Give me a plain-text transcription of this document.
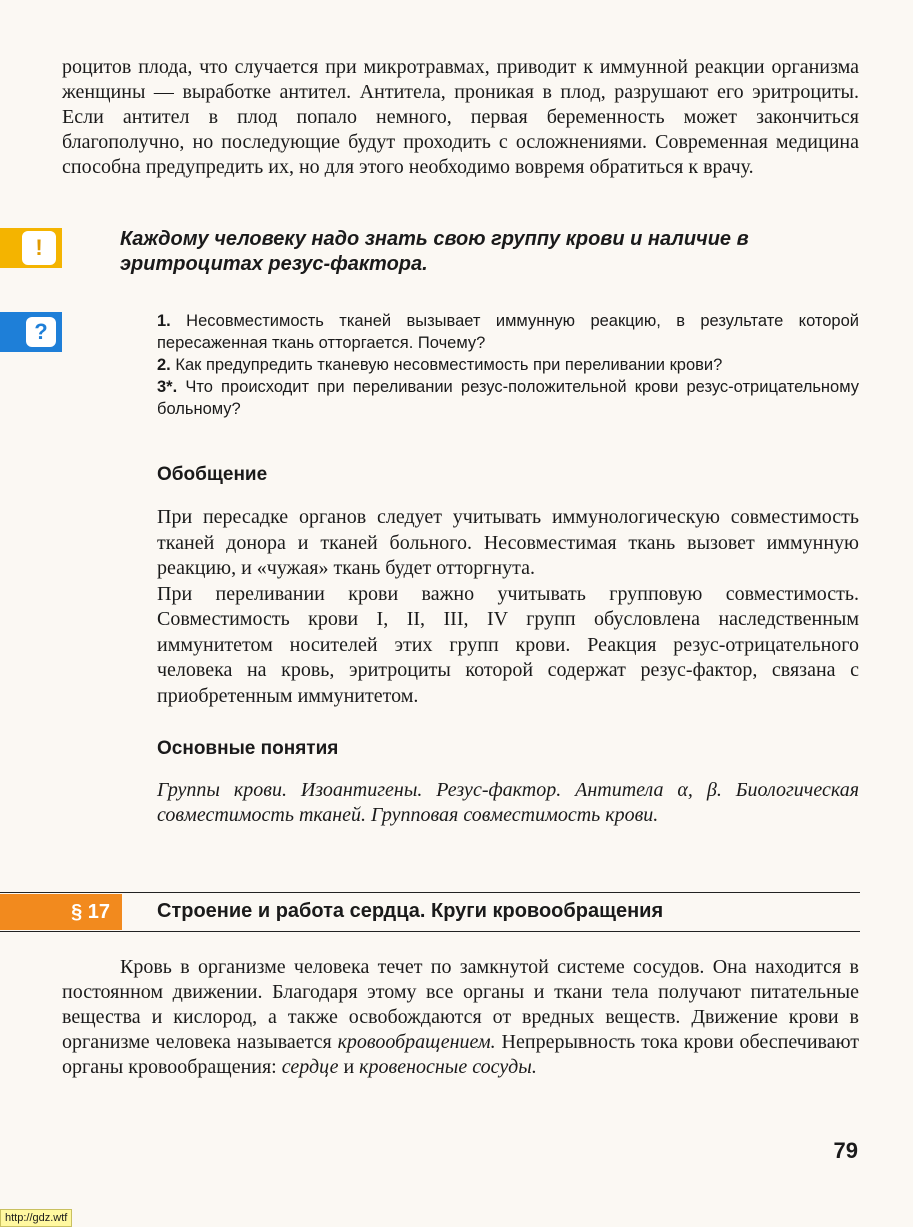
роцитов плода, что случается при микротравмах, приводит к иммунной реакции организма женщины — выработке антител. Антитела, проникая в плод, разрушают его эритроциты. Если антител в плод попало немного, первая беременность может закончиться благополучно, но последующие будут проходить с осложнениями. Современная медицина способна предупредить их, но для этого необходимо вовремя обратиться к врачу.

!	Каждому человеку надо знать свою группу крови и наличие в эритроцитах резус-фактора.
?	1. Несовместимость тканей вызывает иммунную реакцию, в результате которой пересаженная ткань отторгается. Почему?

2. Как предупредить тканевую несовместимость при переливании крови?

3*. Что происходит при переливании резус-положительной крови резус-отрицательному больному?

Обобщение

При пересадке органов следует учитывать иммунологическую совместимость тканей донора и тканей больного. Несовместимая ткань вызовет иммунную реакцию, и «чужая» ткань будет отторгнута.

При переливании крови важно учитывать групповую совместимость. Совместимость крови I, II, III, IV групп обусловлена наследственным иммунитетом носителей этих групп крови. Реакция резус-отрицательного человека на кровь, эритроциты которой содержат резус-фактор, связана с приобретенным иммунитетом.

Основные понятия
Группы крови. Изоантигены. Резус-фактор. Антитела α, β. Биологическая совместимость тканей. Групповая совместимость крови.
§ 17	Строение и работа сердца. Круги кровообращения

Кровь в организме человека течет по замкнутой системе сосудов. Она находится в постоянном движении. Благодаря этому все органы и ткани тела получают питательные вещества и кислород, а также освобождаются от вредных веществ. Движение крови в организме человека называется кровообращением. Непрерывность тока крови обеспечивают органы кровообращения: сердце и кровеносные сосуды.

79
http://gdz.wtf
